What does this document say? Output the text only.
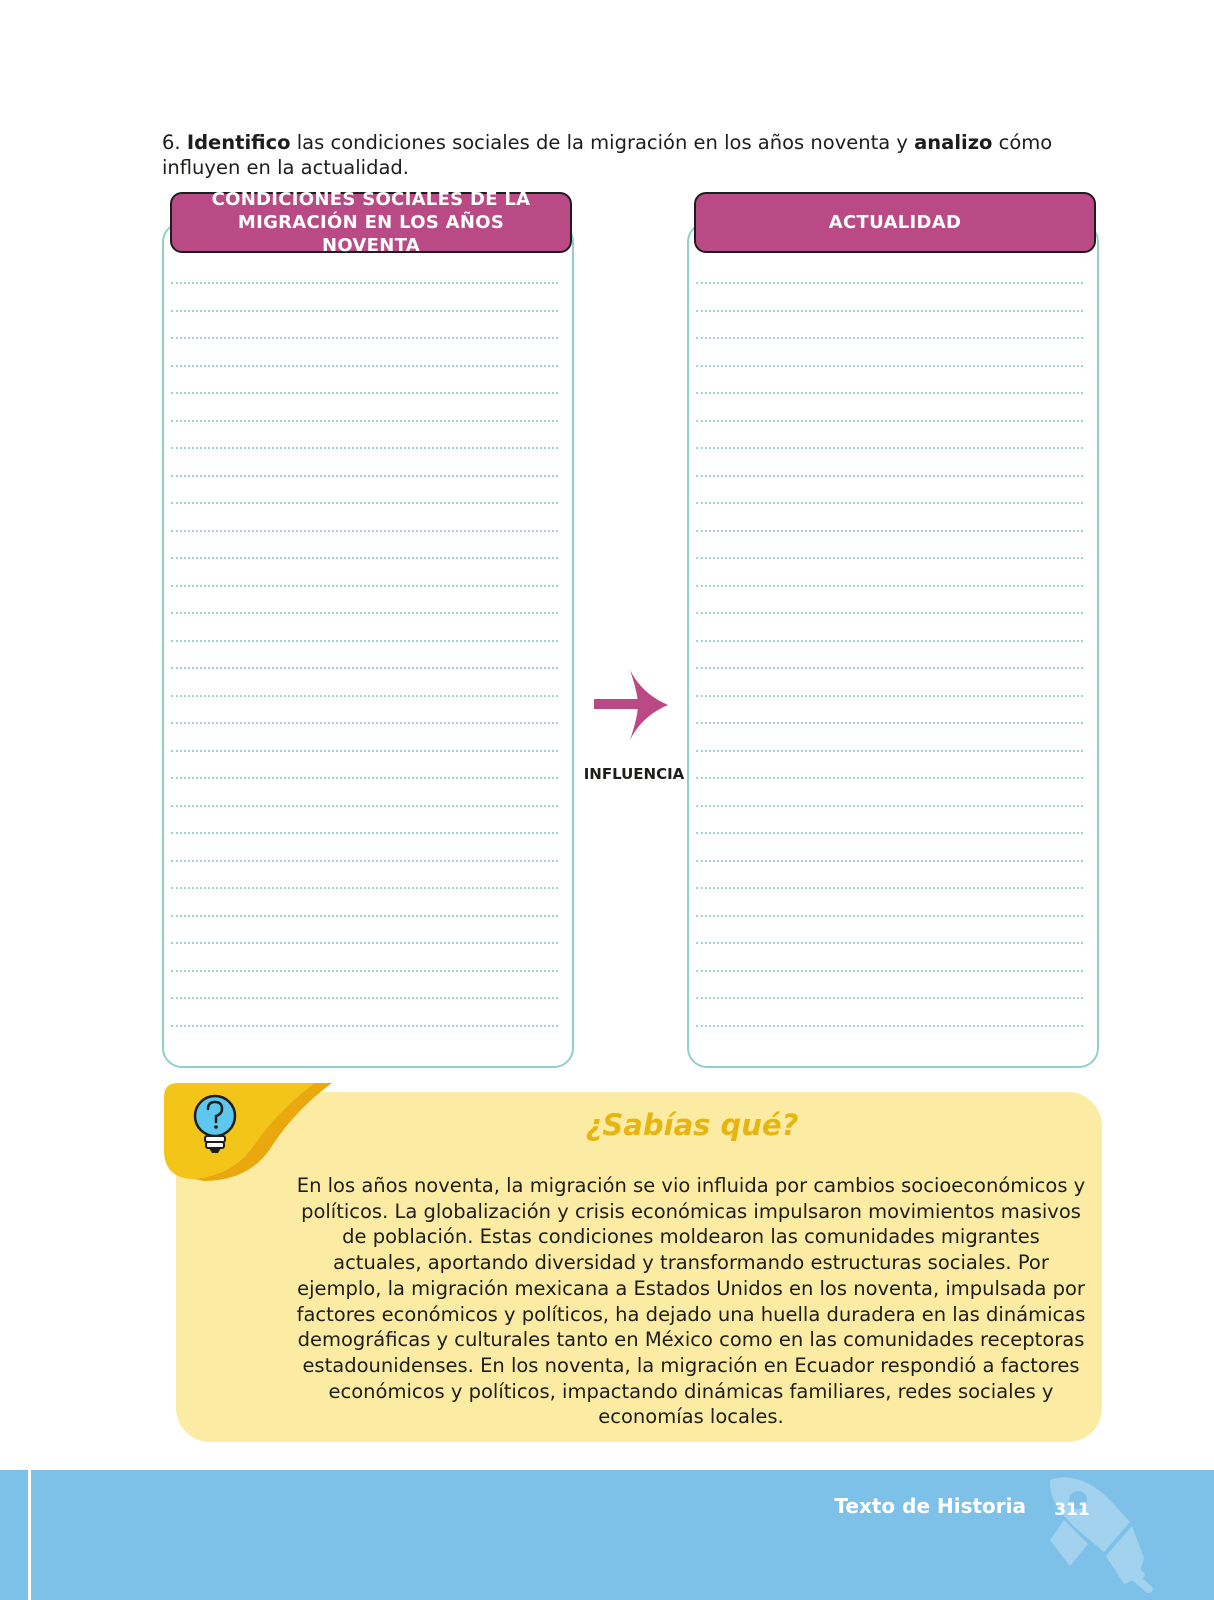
6. Identifico las condiciones sociales de la migración en los años noventa y analizo cómo influyen en la actualidad.

CONDICIONES SOCIALES DE LA MIGRACIÓN EN LOS AÑOS NOVENTA
ACTUALIDAD
INFLUENCIA
¿Sabías qué?
En los años noventa, la migración se vio influida por cambios socioeconómicos y políticos. La globalización y crisis económicas impulsaron movimientos masivos de población. Estas condiciones moldearon las comunidades migrantes actuales, aportando diversidad y transformando estructuras sociales. Por ejemplo, la migración mexicana a Estados Unidos en los noventa, impulsada por factores económicos y políticos, ha dejado una huella duradera en las dinámicas demográficas y culturales tanto en México como en las comunidades receptoras estadounidenses. En los noventa, la migración en Ecuador respondió a factores económicos y políticos, impactando dinámicas familiares, redes sociales y economías locales.
Texto de Historia 311
